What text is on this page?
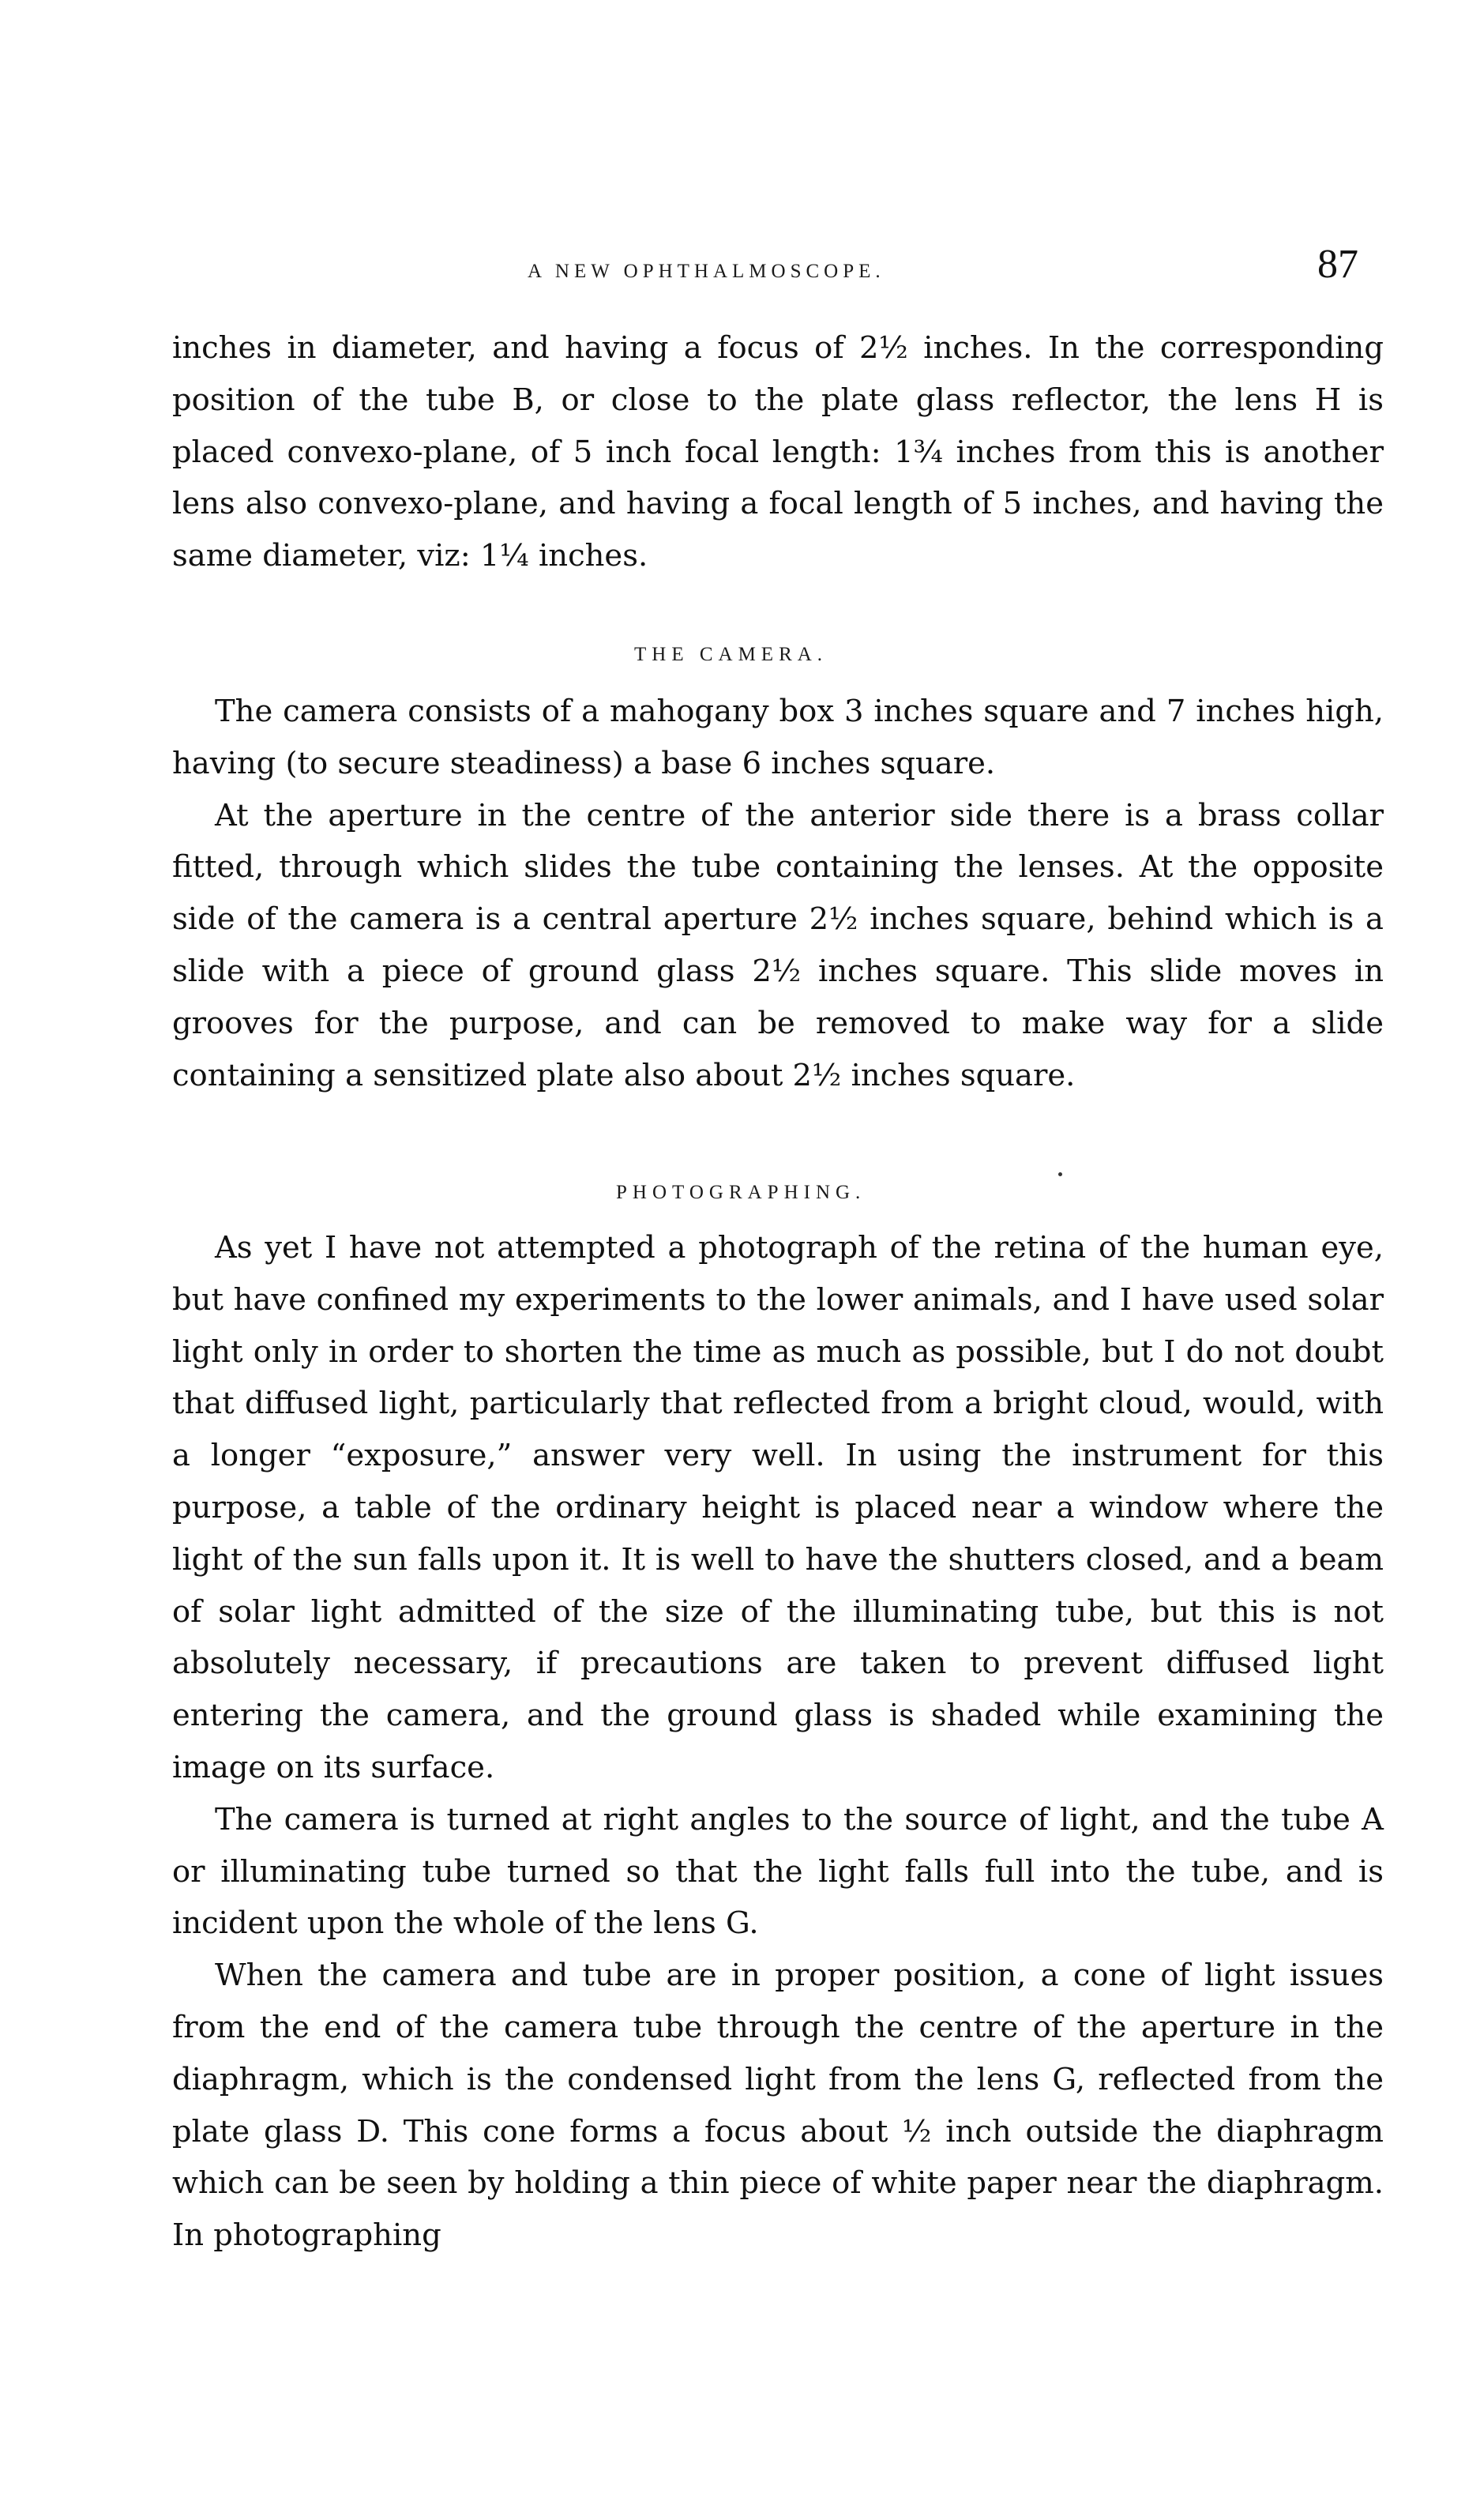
A NEW OPHTHALMOSCOPE.	87

inches in diameter, and having a focus of 2½ inches. In the corresponding position of the tube B, or close to the plate glass reflector, the lens H is placed convexo-plane, of 5 inch focal length: 1¾ inches from this is another lens also convexo-plane, and having a focal length of 5 inches, and having the same diameter, viz: 1¼ inches.

THE CAMERA.

The camera consists of a mahogany box 3 inches square and 7 inches high, having (to secure steadiness) a base 6 inches square.

At the aperture in the centre of the anterior side there is a brass collar fitted, through which slides the tube containing the lenses. At the opposite side of the camera is a central aperture 2½ inches square, behind which is a slide with a piece of ground glass 2½ inches square. This slide moves in grooves for the purpose, and can be removed to make way for a slide containing a sensitized plate also about 2½ inches square.

PHOTOGRAPHING.

As yet I have not attempted a photograph of the retina of the human eye, but have confined my experiments to the lower animals, and I have used solar light only in order to shorten the time as much as possible, but I do not doubt that diffused light, particularly that reflected from a bright cloud, would, with a longer “exposure,” answer very well. In using the instrument for this purpose, a table of the ordinary height is placed near a window where the light of the sun falls upon it. It is well to have the shutters closed, and a beam of solar light admitted of the size of the illuminating tube, but this is not absolutely necessary, if precautions are taken to prevent diffused light entering the camera, and the ground glass is shaded while examining the image on its surface.

The camera is turned at right angles to the source of light, and the tube A or illuminating tube turned so that the light falls full into the tube, and is incident upon the whole of the lens G.

When the camera and tube are in proper position, a cone of light issues from the end of the camera tube through the centre of the aperture in the diaphragm, which is the condensed light from the lens G, reflected from the plate glass D. This cone forms a focus about ½ inch outside the diaphragm which can be seen by holding a thin piece of white paper near the diaphragm. In photographing
